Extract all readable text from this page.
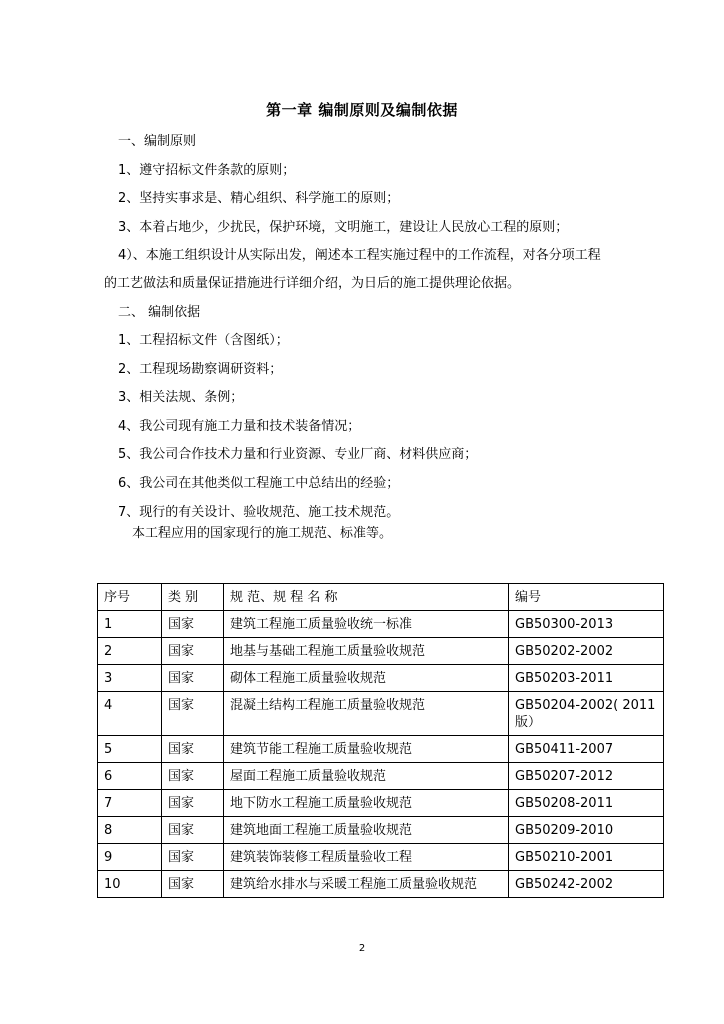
第一章 编制原则及编制依据
一、编制原则
1、遵守招标文件条款的原则；
2、坚持实事求是、精心组织、科学施工的原则；
3、本着占地少，少扰民，保护环境，文明施工，建设让人民放心工程的原则；
4）、本施工组织设计从实际出发，阐述本工程实施过程中的工作流程，对各分项工程
的工艺做法和质量保证措施进行详细介绍，为日后的施工提供理论依据。
二、 编制依据
1、工程招标文件（含图纸）；
2、工程现场勘察调研资料；
3、相关法规、条例；
4、我公司现有施工力量和技术装备情况；
5、我公司合作技术力量和行业资源、专业厂商、材料供应商；
6、我公司在其他类似工程施工中总结出的经验；
7、现行的有关设计、验收规范、施工技术规范。
本工程应用的国家现行的施工规范、标准等。
序号	类 别	规 范、规 程 名 称	编号
1	国家	建筑工程施工质量验收统一标准	GB50300-2013
2	国家	地基与基础工程施工质量验收规范	GB50202-2002
3	国家	砌体工程施工质量验收规范	GB50203-2011
4	国家	混凝土结构工程施工质量验收规范	GB50204-2002( 2011版）
5	国家	建筑节能工程施工质量验收规范	GB50411-2007
6	国家	屋面工程施工质量验收规范	GB50207-2012
7	国家	地下防水工程施工质量验收规范	GB50208-2011
8	国家	建筑地面工程施工质量验收规范	GB50209-2010
9	国家	建筑装饰装修工程质量验收工程	GB50210-2001
10	国家	建筑给水排水与采暖工程施工质量验收规范	GB50242-2002
2
